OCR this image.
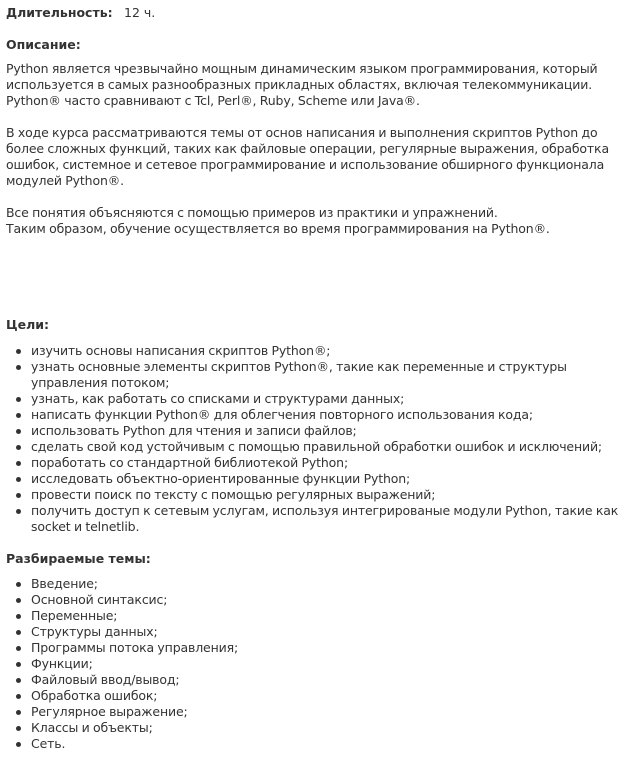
Длительность: 12 ч.
Описание:

Python является чрезвычайно мощным динамическим языком программирования, который
используется в самых разнообразных прикладных областях, включая телекоммуникации.
Python® часто сравнивают с Tcl, Perl®, Ruby, Scheme или Java®.

В ходе курса рассматриваются темы от основ написания и выполнения скриптов Python до
более сложных функций, таких как файловые операции, регулярные выражения, обработка
ошибок, системное и сетевое программирование и использование обширного функционала
модулей Python®.

Все понятия объясняются с помощью примеров из практики и упражнений.
Таким образом, обучение осуществляется во время программирования на Python®.

Цели:
изучить основы написания скриптов Python®;
узнать основные элементы скриптов Python®, такие как переменные и структуры управления потоком;
узнать, как работать со списками и структурами данных;
написать функции Python® для облегчения повторного использования кода;
использовать Python для чтения и записи файлов;
сделать свой код устойчивым с помощью правильной обработки ошибок и исключений;
поработать со стандартной библиотекой Python;
исследовать объектно-ориентированные функции Python;
провести поиск по тексту с помощью регулярных выражений;
получить доступ к сетевым услугам, используя интегрированые модули Python, такие как socket и telnetlib.
Разбираемые темы:
Введение;
Основной синтаксис;
Переменные;
Структуры данных;
Программы потока управления;
Функции;
Файловый ввод/вывод;
Обработка ошибок;
Регулярное выражение;
Классы и объекты;
Сеть.
